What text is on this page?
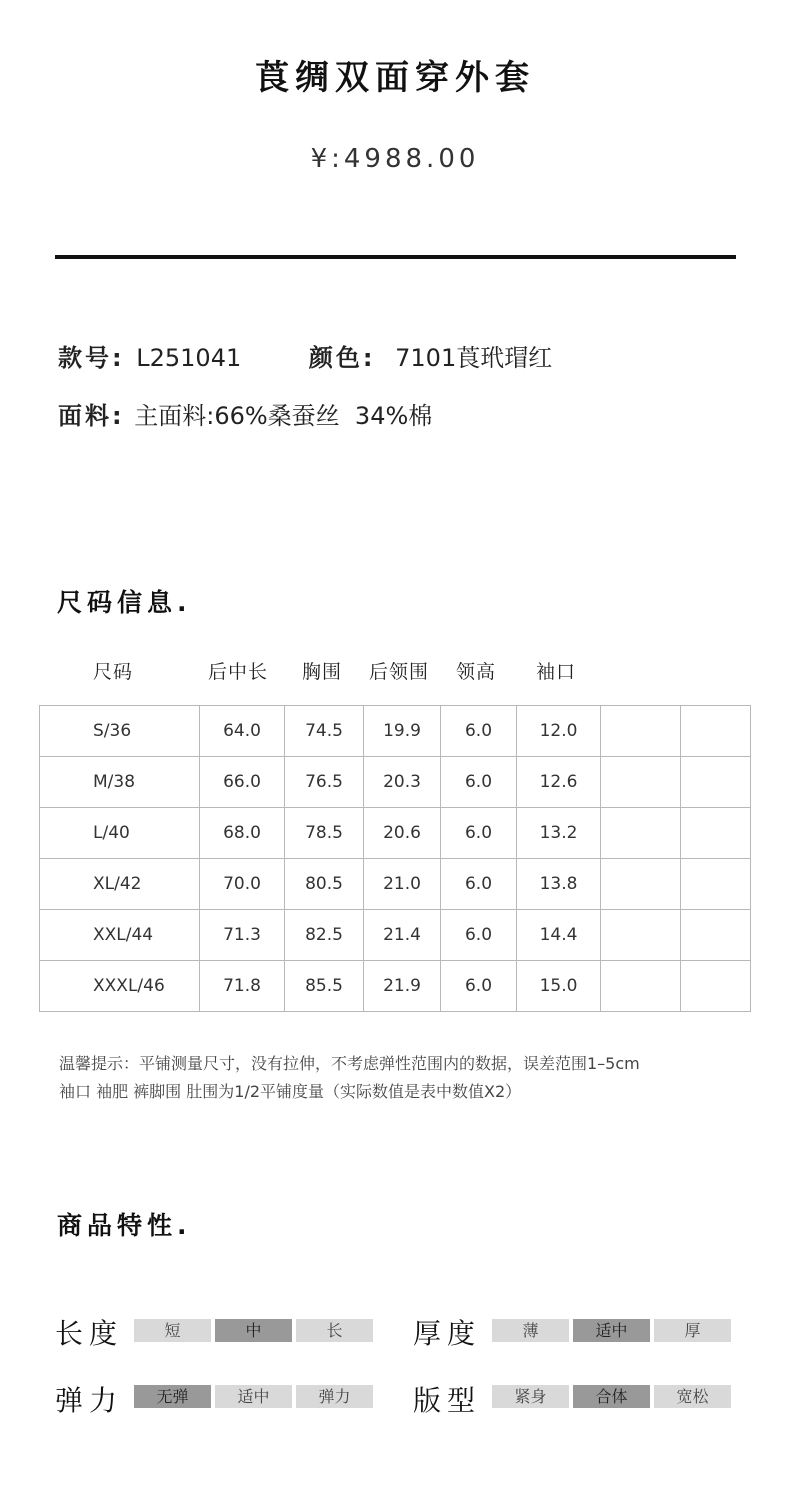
莨绸双面穿外套
¥:4988.00
款号: L251041	颜色: 7101莨玳瑁红
面料: 主面料:66%桑蚕丝  34%棉
尺码信息.
尺码	后中长 胸围 后领围 领高 袖口
S/36	64.0	74.5	19.9	6.0	12.0		
M/38	66.0	76.5	20.3	6.0	12.6		
L/40	68.0	78.5	20.6	6.0	13.2		
XL/42	70.0	80.5	21.0	6.0	13.8		
XXL/44	71.3	82.5	21.4	6.0	14.4		
XXXL/46	71.8	85.5	21.9	6.0	15.0		
温馨提示：平铺测量尺寸，没有拉伸，不考虑弹性范围内的数据，误差范围1–5cm
袖口 袖肥 裤脚围 肚围为1/2平铺度量（实际数值是表中数值X2）
商品特性.
长度	短	中	长	厚度	薄	适中	厚
弹力	无弹	适中	弹力	版型	紧身	合体	宽松
